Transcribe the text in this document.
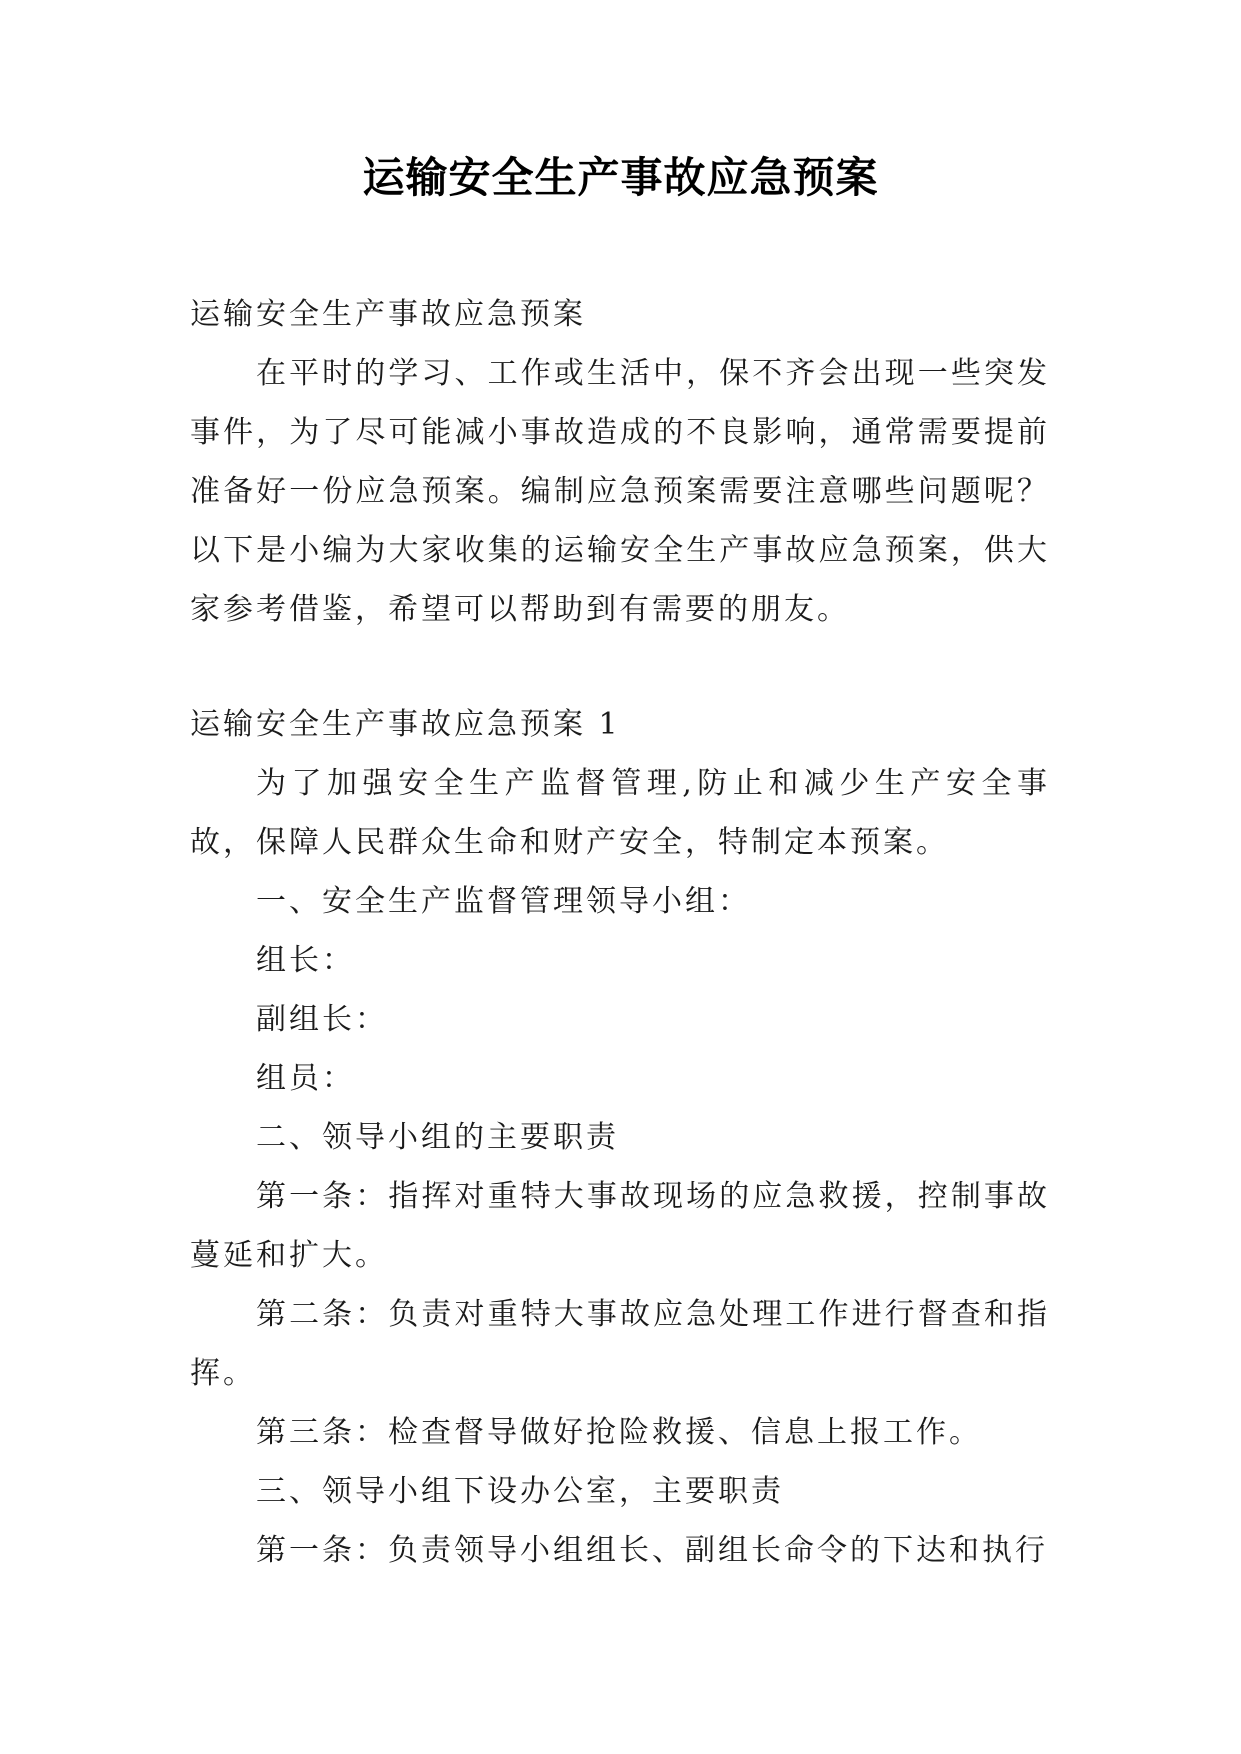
运输安全生产事故应急预案

运输安全生产事故应急预案

在平时的学习、工作或生活中，保不齐会出现一些突发事件，为了尽可能减小事故造成的不良影响，通常需要提前准备好一份应急预案。编制应急预案需要注意哪些问题呢？以下是小编为大家收集的运输安全生产事故应急预案，供大家参考借鉴，希望可以帮助到有需要的朋友。

运输安全生产事故应急预案 1

为了加强安全生产监督管理,防止和减少生产安全事故，保障人民群众生命和财产安全，特制定本预案。

一、安全生产监督管理领导小组：

组长：

副组长：

组员：

二、领导小组的主要职责

第一条：指挥对重特大事故现场的应急救援，控制事故蔓延和扩大。

第二条：负责对重特大事故应急处理工作进行督查和指挥。

第三条：检查督导做好抢险救援、信息上报工作。

三、领导小组下设办公室，主要职责

第一条：负责领导小组组长、副组长命令的下达和执行
